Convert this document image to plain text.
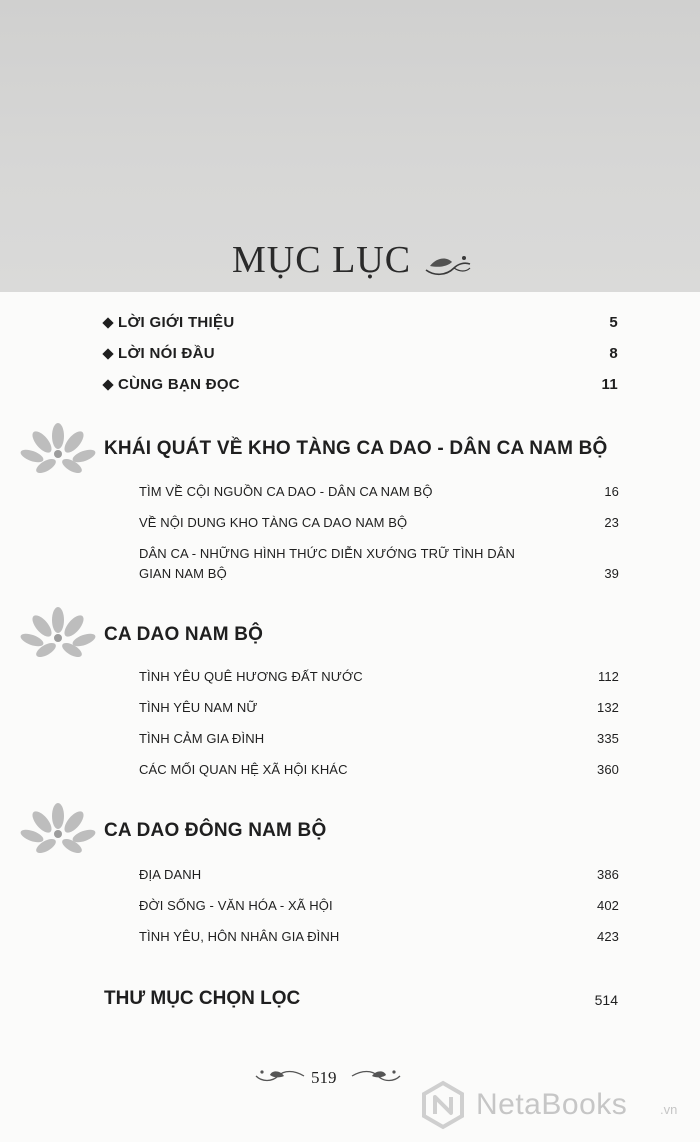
MỤC LỤC
LỜI GIỚI THIỆU	5
LỜI NÓI ĐẦU	8
CÙNG BẠN ĐỌC	11
KHÁI QUÁT VỀ KHO TÀNG CA DAO - DÂN CA NAM BỘ
TÌM VỀ CỘI NGUỒN CA DAO - DÂN CA NAM BỘ	16
VỀ NỘI DUNG KHO TÀNG CA DAO NAM BỘ	23
DÂN CA - NHỮNG HÌNH THỨC DIỄN XƯỚNG TRỮ TÌNH DÂN GIAN NAM BỘ	39
CA DAO NAM BỘ
TÌNH YÊU QUÊ HƯƠNG ĐẤT NƯỚC	112
TÌNH YÊU NAM NỮ	132
TÌNH CẢM GIA ĐÌNH	335
CÁC MỐI QUAN HỆ XÃ HỘI KHÁC	360
CA DAO ĐÔNG NAM BỘ
ĐỊA DANH	386
ĐỜI SỐNG - VĂN HÓA - XÃ HỘI	402
TÌNH YÊU, HÔN NHÂN GIA ĐÌNH	423
THƯ MỤC CHỌN LỌC	514
519
NetaBooks	.vn
